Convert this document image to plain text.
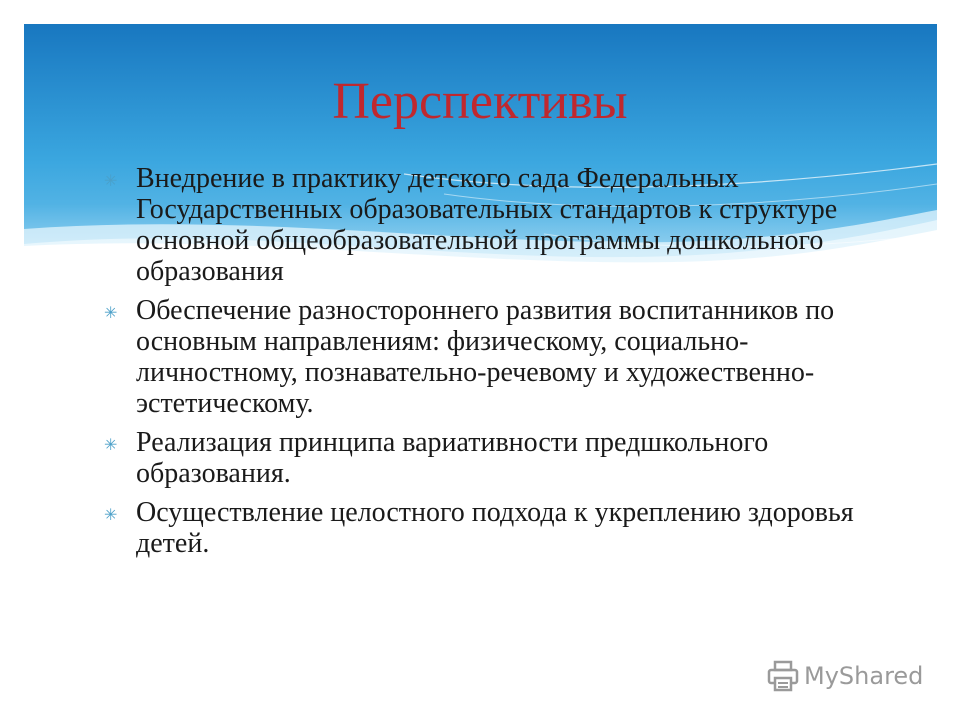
Перспективы
✳ Внедрение в практику детского сада Федеральных Государственных образовательных стандартов к структуре основной общеобразовательной программы дошкольного образования
✳ Обеспечение разностороннего развития воспитанников по основным направлениям: физическому, социально-личностному, познавательно-речевому и художественно-эстетическому.
✳ Реализация принципа вариативности предшкольного образования.
✳ Осуществление целостного подхода к укреплению здоровья детей.
MyShared
